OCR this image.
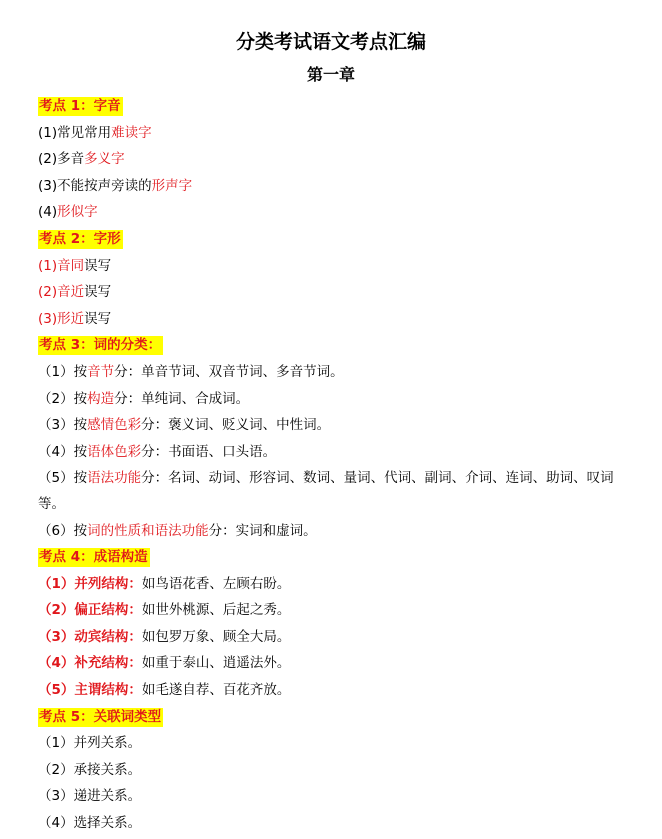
分类考试语文考点汇编
第一章
考点 1：字音
(1)常见常用难读字
(2)多音多义字
(3)不能按声旁读的形声字
(4)形似字
考点 2：字形
(1)音同误写
(2)音近误写
(3)形近误写
考点 3：词的分类：
（1）按音节分：单音节词、双音节词、多音节词。
（2）按构造分：单纯词、合成词。
（3）按感情色彩分：褒义词、贬义词、中性词。
（4）按语体色彩分：书面语、口头语。
（5）按语法功能分：名词、动词、形容词、数词、量词、代词、副词、介词、连词、助词、叹词等。
（6）按词的性质和语法功能分：实词和虚词。
考点 4：成语构造
（1）并列结构：如鸟语花香、左顾右盼。
（2）偏正结构：如世外桃源、后起之秀。
（3）动宾结构：如包罗万象、顾全大局。
（4）补充结构：如重于泰山、逍遥法外。
（5）主谓结构：如毛遂自荐、百花齐放。
考点 5：关联词类型
（1）并列关系。
（2）承接关系。
（3）递进关系。
（4）选择关系。
